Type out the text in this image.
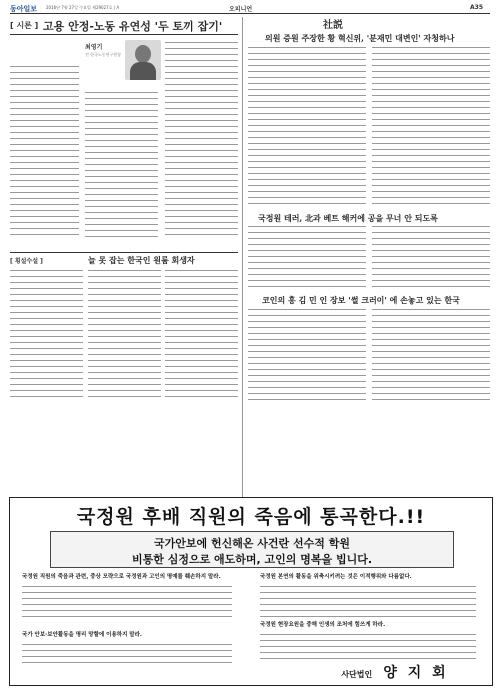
동아일보 2016년 7월 27일 수요일 제29027호 | A	오피니언	A35
[ 시론 ] 고용 안정-노동 유연성 '두 토끼 잡기'
최영기
전 한국노동연구원장
社説
의원 증원 주장한 황 혁신위, '분재민 대변인' 자청하나
국정원 테러, 北과 베트 해커에 공을 무너 안 되도록
코인의 홍 김 민 인 장보 '썰 크러이' 에 손놓고 있는 한국
[ 횡설수설 ]	늘 못 잡는 한국인 원룸 회생자
국정원 후배 직원의 죽음에 통곡한다.!!
국가안보에 헌신해온 사건란 선수적 학원
비통한 심정으로 애도하며, 고인의 명복을 빕니다.
국정원 직원의 죽음과 관련, 중상 모략으로 국정원과 고인의 명예를 훼손하지 말라.
국가 안보·보안활동을 명리 망할에 이용하지 말라.
국정원 본연의 활동을 위축시키려는 것은 이적행위와 다름없다.
국정원 현장요원을 중해 인생의 조처에 힘쓰게 하라.
사단법인 양 지 회
